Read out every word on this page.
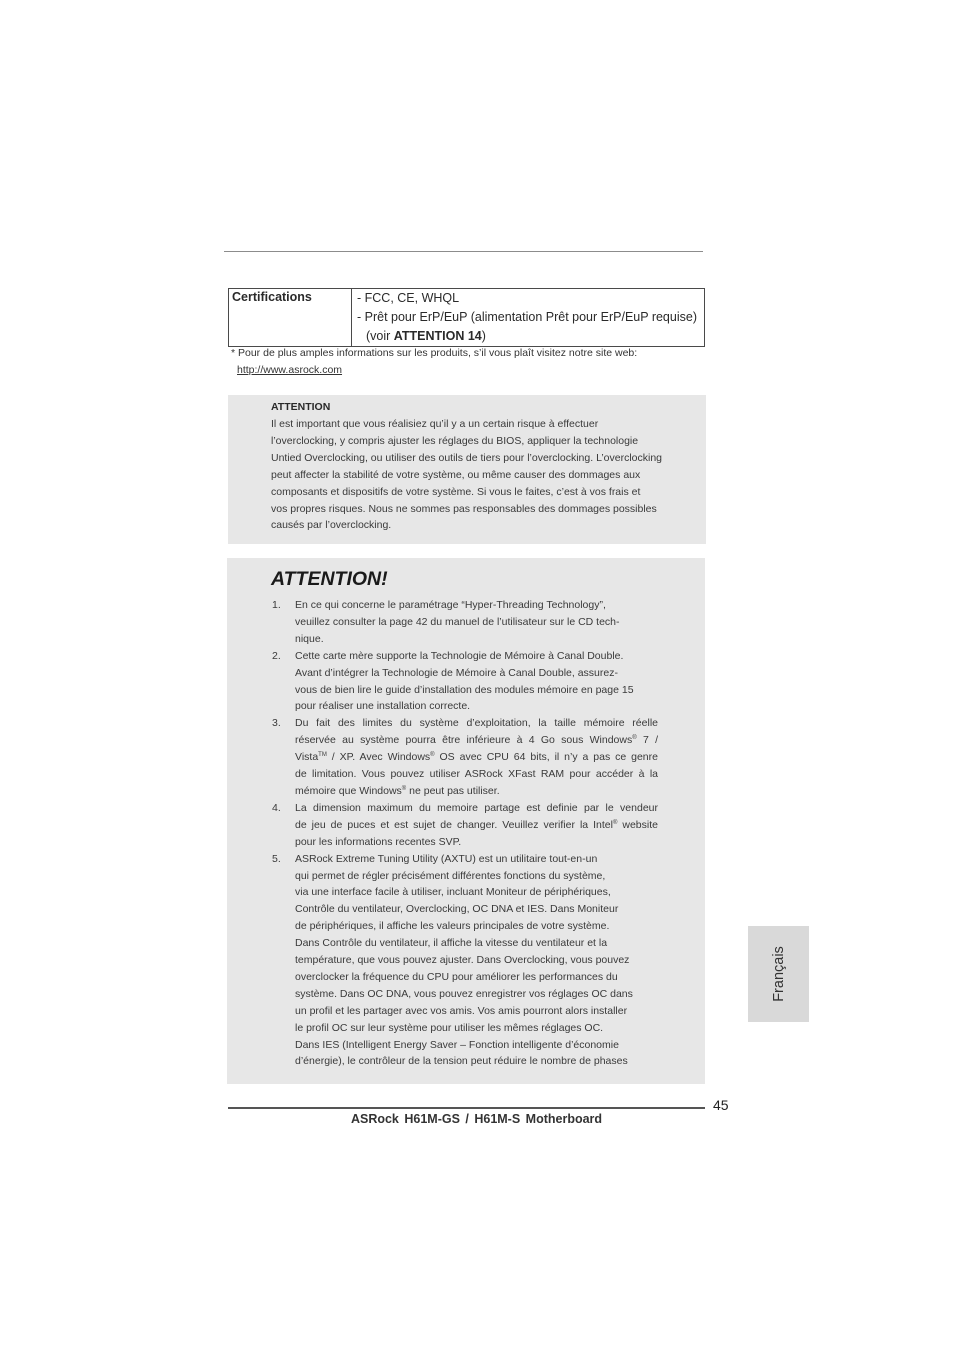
Certifications	- FCC, CE, WHQL
- Prêt pour ErP/EuP (alimentation Prêt pour ErP/EuP requise)
(voir ATTENTION 14)
* Pour de plus amples informations sur les produits, s’il vous plaît visitez notre site web:
http://www.asrock.com
ATTENTION
Il est important que vous réalisiez qu’il y a un certain risque à effectuer
l’overclocking, y compris ajuster les réglages du BIOS, appliquer la technologie
Untied Overclocking, ou utiliser des outils de tiers pour l’overclocking. L’overclocking
peut affecter la stabilité de votre système, ou même causer des dommages aux
composants et dispositifs de votre système. Si vous le faites, c’est à vos frais et
vos propres risques. Nous ne sommes pas responsables des dommages possibles
causés par l’overclocking.
ATTENTION!
1. En ce qui concerne le paramétrage “Hyper-Threading Technology”,
veuillez consulter la page 42 du manuel de l’utilisateur sur le CD tech-
nique.
2. Cette carte mère supporte la Technologie de Mémoire à Canal Double.
Avant d’intégrer la Technologie de Mémoire à Canal Double, assurez-
vous de bien lire le guide d’installation des modules mémoire en page 15
pour réaliser une installation correcte.
3. Du fait des limites du système d’exploitation, la taille mémoire réelle
réservée au système pourra être inférieure à 4 Go sous Windows® 7 /
Vista™ / XP. Avec Windows® OS avec CPU 64 bits, il n’y a pas ce genre
de limitation. Vous pouvez utiliser ASRock XFast RAM pour accéder à la
mémoire que Windows® ne peut pas utiliser.
4. La dimension maximum du memoire partage est definie par le vendeur
de jeu de puces et est sujet de changer. Veuillez verifier la Intel® website
pour les informations recentes SVP.
5. ASRock Extreme Tuning Utility (AXTU) est un utilitaire tout-en-un
qui permet de régler précisément différentes fonctions du système,
via une interface facile à utiliser, incluant Moniteur de périphériques,
Contrôle du ventilateur, Overclocking, OC DNA et IES. Dans Moniteur
de périphériques, il affiche les valeurs principales de votre système.
Dans Contrôle du ventilateur, il affiche la vitesse du ventilateur et la
température, que vous pouvez ajuster. Dans Overclocking, vous pouvez
overclocker la fréquence du CPU pour améliorer les performances du
système. Dans OC DNA, vous pouvez enregistrer vos réglages OC dans
un profil et les partager avec vos amis. Vos amis pourront alors installer
le profil OC sur leur système pour utiliser les mêmes réglages OC.
Dans IES (Intelligent Energy Saver – Fonction intelligente d’économie
d’énergie), le contrôleur de la tension peut réduire le nombre de phases
Français
45
ASRock H61M-GS / H61M-S Motherboard
